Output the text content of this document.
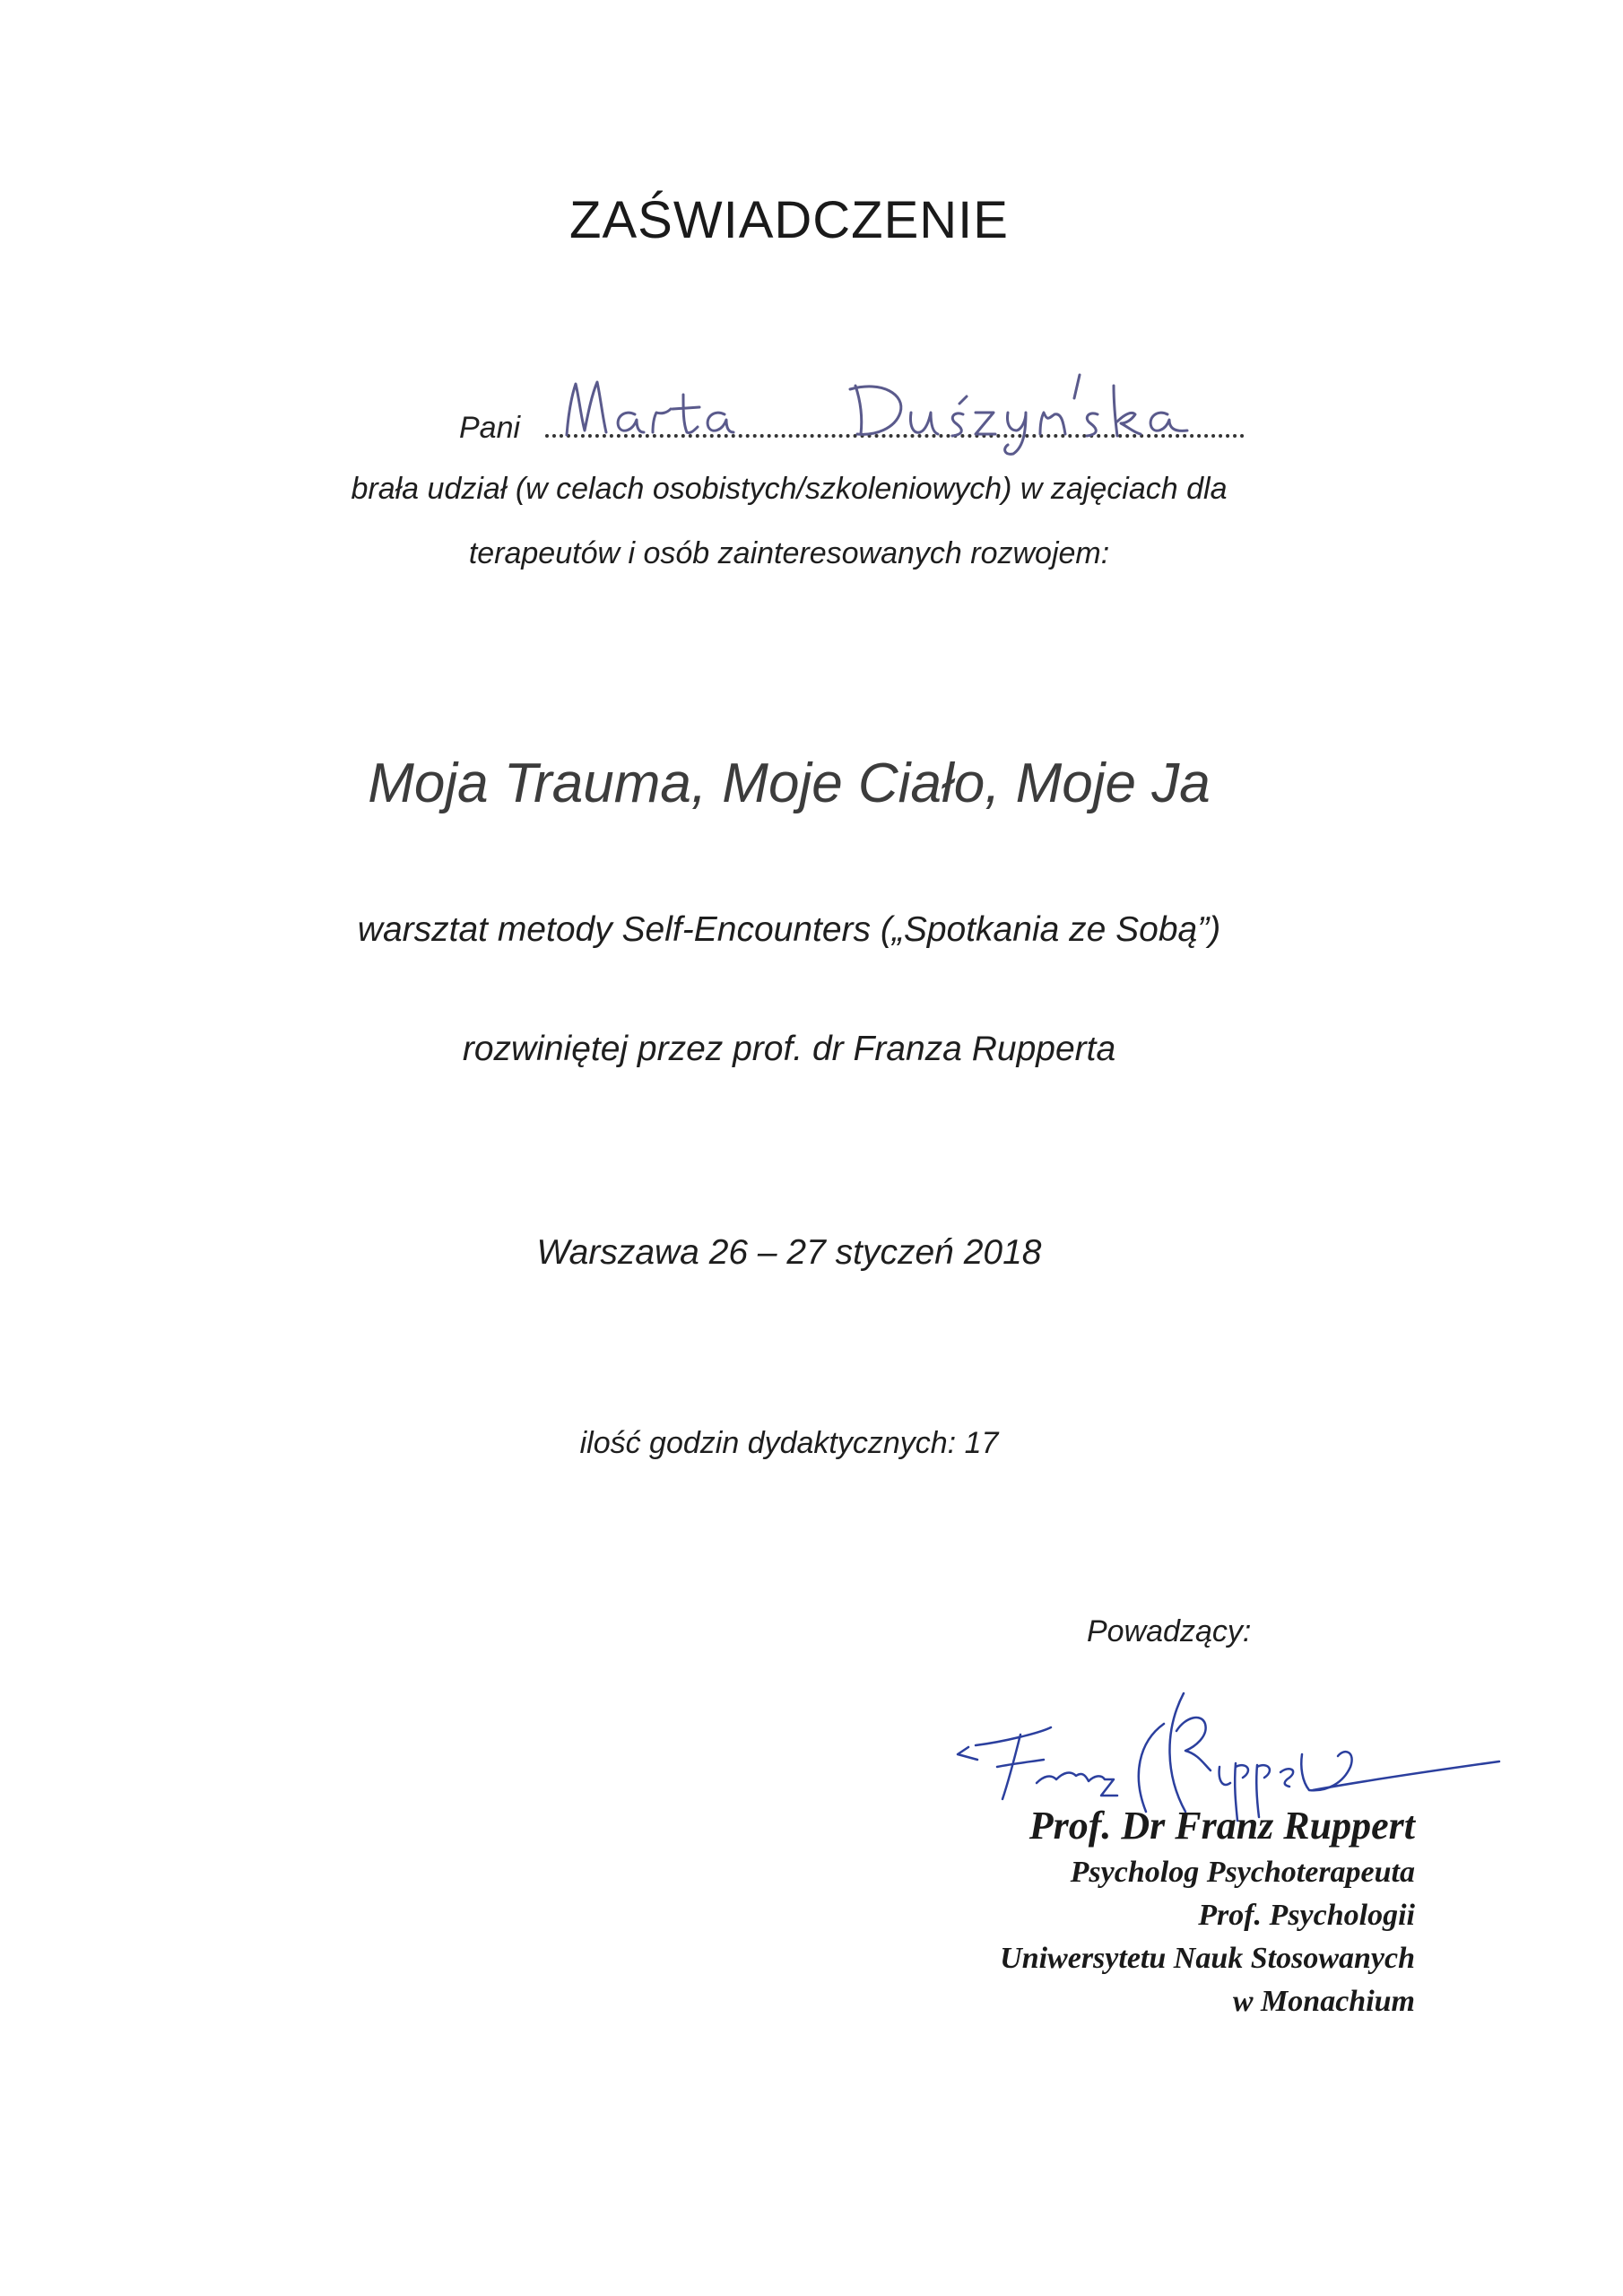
ZAŚWIADCZENIE
Pani
brała udział (w celach osobistych/szkoleniowych) w zajęciach dla
terapeutów i osób zainteresowanych rozwojem:
Moja Trauma, Moje Ciało, Moje Ja
warsztat metody Self-Encounters („Spotkania ze Sobą”)
rozwiniętej przez prof. dr Franza Rupperta
Warszawa 26 – 27 styczeń 2018
ilość godzin dydaktycznych: 17
Powadzący:
Prof. Dr Franz Ruppert
Psycholog Psychoterapeuta
Prof. Psychologii
Uniwersytetu Nauk Stosowanych
w Monachium
